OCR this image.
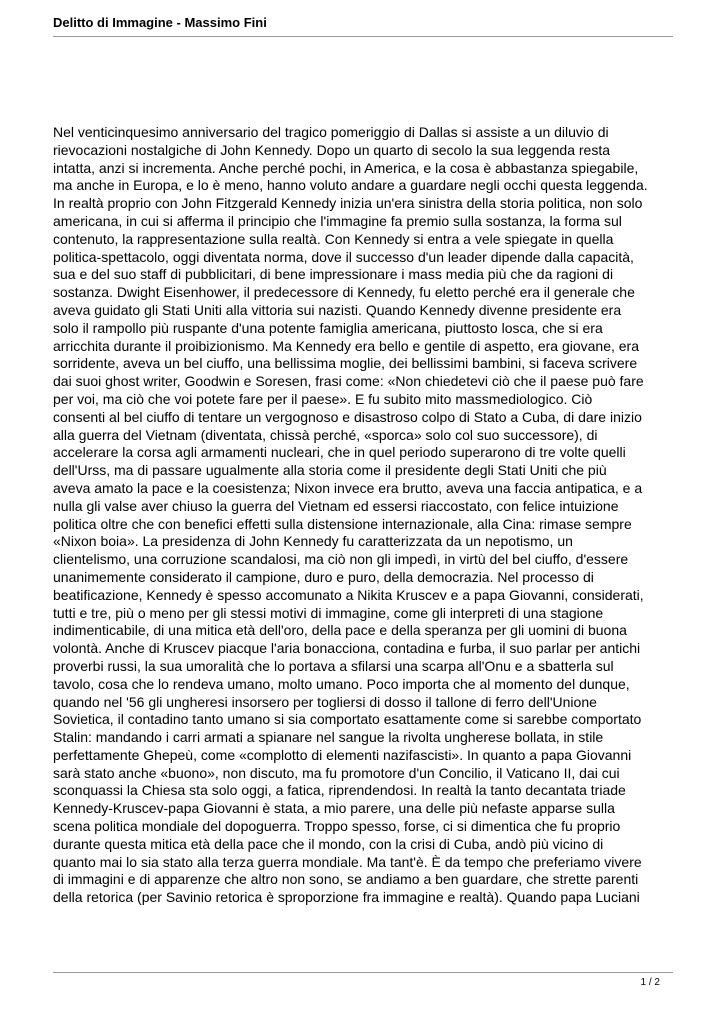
Delitto di Immagine - Massimo Fini

Nel venticinquesimo anniversario del tragico pomeriggio di Dallas si assiste a un diluvio di
rievocazioni nostalgiche di John Kennedy. Dopo un quarto di secolo la sua leggenda resta
intatta, anzi si incrementa. Anche perché pochi, in America, e la cosa è abbastanza spiegabile,
ma anche in Europa, e lo è meno, hanno voluto andare a guardare negli occhi questa leggenda.
In realtà proprio con John Fitzgerald Kennedy inizia un'era sinistra della storia politica, non solo
americana, in cui si afferma il principio che l'immagine fa premio sulla sostanza, la forma sul
contenuto, la rappresentazione sulla realtà. Con Kennedy si entra a vele spiegate in quella
politica-spettacolo, oggi diventata norma, dove il successo d'un leader dipende dalla capacità,
sua e del suo staff di pubblicitari, di bene impressionare i mass media più che da ragioni di
sostanza. Dwight Eisenhower, il predecessore di Kennedy, fu eletto perché era il generale che
aveva guidato gli Stati Uniti alla vittoria sui nazisti. Quando Kennedy divenne presidente era
solo il rampollo più ruspante d'una potente famiglia americana, piuttosto losca, che si era
arricchita durante il proibizionismo. Ma Kennedy era bello e gentile di aspetto, era giovane, era
sorridente, aveva un bel ciuffo, una bellissima moglie, dei bellissimi bambini, si faceva scrivere
dai suoi ghost writer, Goodwin e Soresen, frasi come: «Non chiedetevi ciò che il paese può fare
per voi, ma ciò che voi potete fare per il paese». E fu subito mito massmediologico. Ciò
consenti al bel ciuffo di tentare un vergognoso e disastroso colpo di Stato a Cuba, di dare inizio
alla guerra del Vietnam (diventata, chissà perché, «sporca» solo col suo successore), di
accelerare la corsa agli armamenti nucleari, che in quel periodo superarono di tre volte quelli
dell'Urss, ma di passare ugualmente alla storia come il presidente degli Stati Uniti che più
aveva amato la pace e la coesistenza; Nixon invece era brutto, aveva una faccia antipatica, e a
nulla gli valse aver chiuso la guerra del Vietnam ed essersi riaccostato, con felice intuizione
politica oltre che con benefici effetti sulla distensione internazionale, alla Cina: rimase sempre
«Nixon boia». La presidenza di John Kennedy fu caratterizzata da un nepotismo, un
clientelismo, una corruzione scandalosi, ma ciò non gli impedì, in virtù del bel ciuffo, d'essere
unanimemente considerato il campione, duro e puro, della democrazia. Nel processo di
beatificazione, Kennedy è spesso accomunato a Nikita Kruscev e a papa Giovanni, considerati,
tutti e tre, più o meno per gli stessi motivi di immagine, come gli interpreti di una stagione
indimenticabile, di una mitica età dell'oro, della pace e della speranza per gli uomini di buona
volontà. Anche di Kruscev piacque l'aria bonacciona, contadina e furba, il suo parlar per antichi
proverbi russi, la sua umoralità che lo portava a sfilarsi una scarpa all'Onu e a sbatterla sul
tavolo, cosa che lo rendeva umano, molto umano. Poco importa che al momento del dunque,
quando nel '56 gli ungheresi insorsero per togliersi di dosso il tallone di ferro dell'Unione
Sovietica, il contadino tanto umano si sia comportato esattamente come si sarebbe comportato
Stalin: mandando i carri armati a spianare nel sangue la rivolta ungherese bollata, in stile
perfettamente Ghepeù, come «complotto di elementi nazifascisti». In quanto a papa Giovanni
sarà stato anche «buono», non discuto, ma fu promotore d'un Concilio, il Vaticano II, dai cui
sconquassi la Chiesa sta solo oggi, a fatica, riprendendosi. In realtà la tanto decantata triade
Kennedy-Kruscev-papa Giovanni è stata, a mio parere, una delle più nefaste apparse sulla
scena politica mondiale del dopoguerra. Troppo spesso, forse, ci si dimentica che fu proprio
durante questa mitica età della pace che il mondo, con la crisi di Cuba, andò più vicino di
quanto mai lo sia stato alla terza guerra mondiale. Ma tant'è. È da tempo che preferiamo vivere
di immagini e di apparenze che altro non sono, se andiamo a ben guardare, che strette parenti
della retorica (per Savinio retorica è sproporzione fra immagine e realtà). Quando papa Luciani

1 / 2
